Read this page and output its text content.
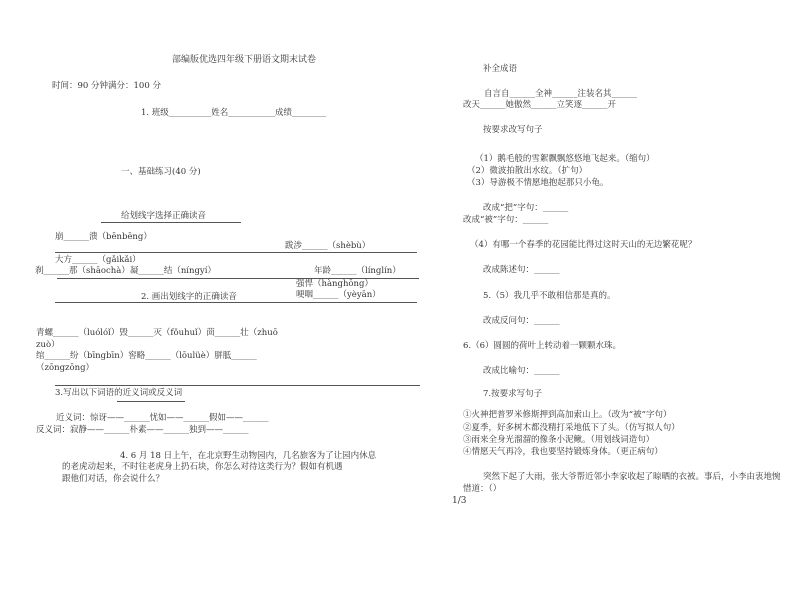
部编版优选四年级下册语文期末试卷
时间：90 分钟满分：100 分
1. 班级__________姓名___________成绩________
一、基础练习(40 分)
给划线字选择正确读音
崩______溃（bēnbēng）
跋涉______（shèbù）
大方______（gǎikǎi）
刹______那（shāochà）凝______结（níngyí）	年龄______（línglín）
强悍（hànghōng）
2. 画出划线字的正确读音	哽咽______（yèyān）
青螺______（luólóǐ）毁______灭（fǒuhuǐ）茴______壮（zhuō
zuò）
绾______纷（bīngbīn）窖略______（lōulüè）胼胝______
（zōngzōng）
3.写出以下词语的近义词或反义词
近义词：惊讶——______忧如——______假如——______
反义词：寂静——______朴素——______独到——______
4. 6 月 18 日上午，在北京野生动物园内，几名旅客为了让园内休息
的老虎动起来，不时往老虎身上扔石块，你怎么对待这类行为？假如有机遇
跟他们对话，你会说什么？
补全成语
自言自______全神______注装名其______
改天______她傲然______立笑逐______开
按要求改写句子
（1）鹅毛般的雪絮飘飘悠悠地飞起来。（缩句）
（2）微波拍散出水纹。（扩句）
（3）导游极不情愿地抱起那只小龟。
改成“把”字句：______
改成“被”字句：______
（4）有哪一个春季的花园能比得过这时天山的无边繁花呢？
改成陈述句：______
5.（5）我几乎不敢相信那是真的。
改成反问句：______
6.（6）圆圆的荷叶上转动着一颗颗水珠。
改成比喻句：______
7.按要求写句子
①火神把普罗米修斯押到高加索山上。（改为“被”字句）
②夏季，好多树木都没精打采地低下了头。（仿写拟人句）
③雨来全身光溜溜的像条小泥鳅。（用划线词造句）
④情愿天气再冷，我也要坚持锻炼身体。（更正病句）
突然下起了大雨，张大爷帮近邻小李家收起了晾晒的衣被。事后，小李由衷地惋
惜道：（）
1/3
